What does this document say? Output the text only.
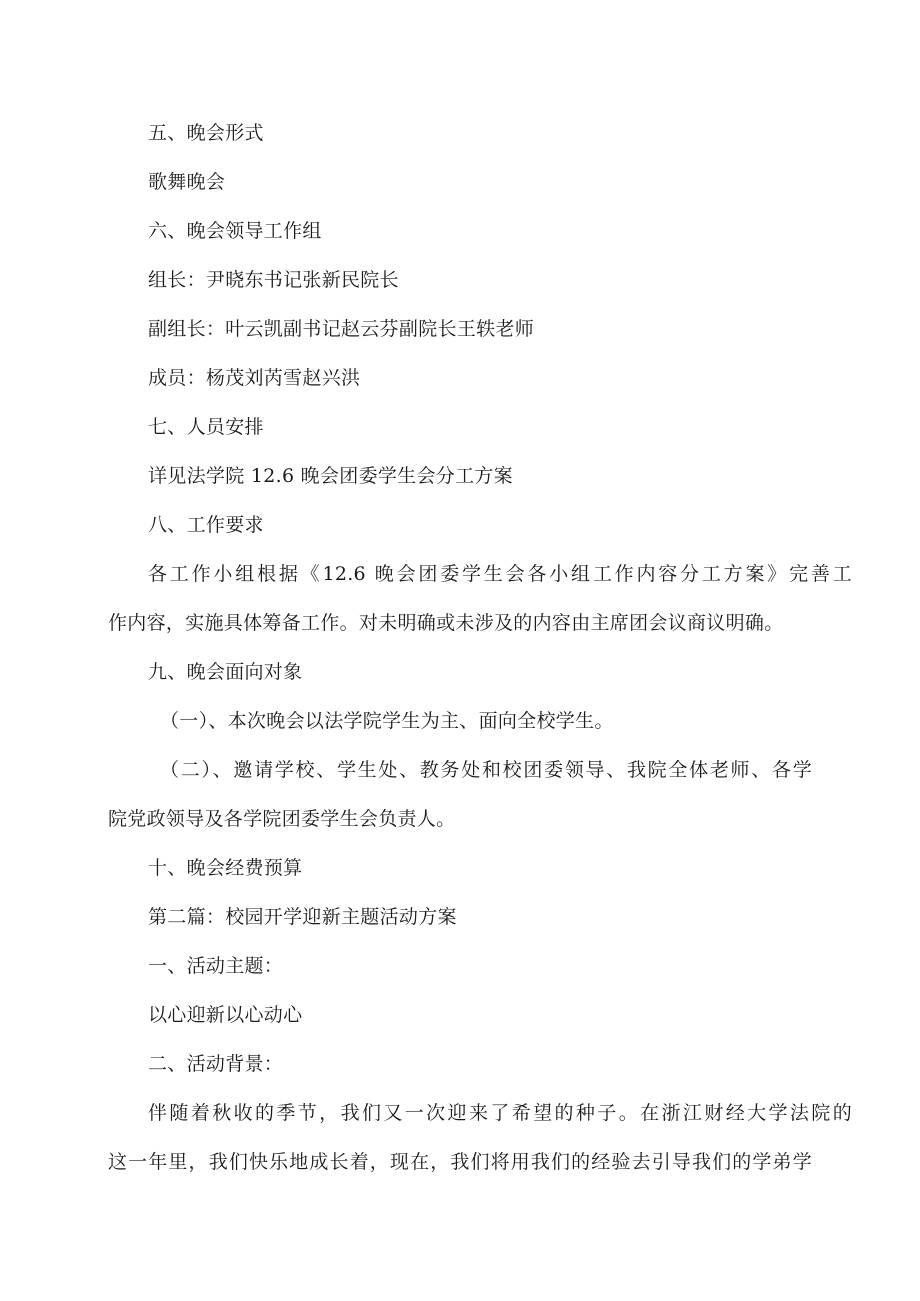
五、晚会形式
歌舞晚会
六、晚会领导工作组
组长：尹晓东书记张新民院长
副组长：叶云凯副书记赵云芬副院长王轶老师
成员：杨茂刘芮雪赵兴洪
七、人员安排
详见法学院 12.6 晚会团委学生会分工方案
八、工作要求
各工作小组根据《12.6 晚会团委学生会各小组工作内容分工方案》完善工
作内容，实施具体筹备工作。对未明确或未涉及的内容由主席团会议商议明确。
九、晚会面向对象
（一）、本次晚会以法学院学生为主、面向全校学生。
（二）、邀请学校、学生处、教务处和校团委领导、我院全体老师、各学
院党政领导及各学院团委学生会负责人。
十、晚会经费预算
第二篇：校园开学迎新主题活动方案
一、活动主题：
以心迎新以心动心
二、活动背景：
伴随着秋收的季节，我们又一次迎来了希望的种子。在浙江财经大学法院的
这一年里，我们快乐地成长着，现在，我们将用我们的经验去引导我们的学弟学
